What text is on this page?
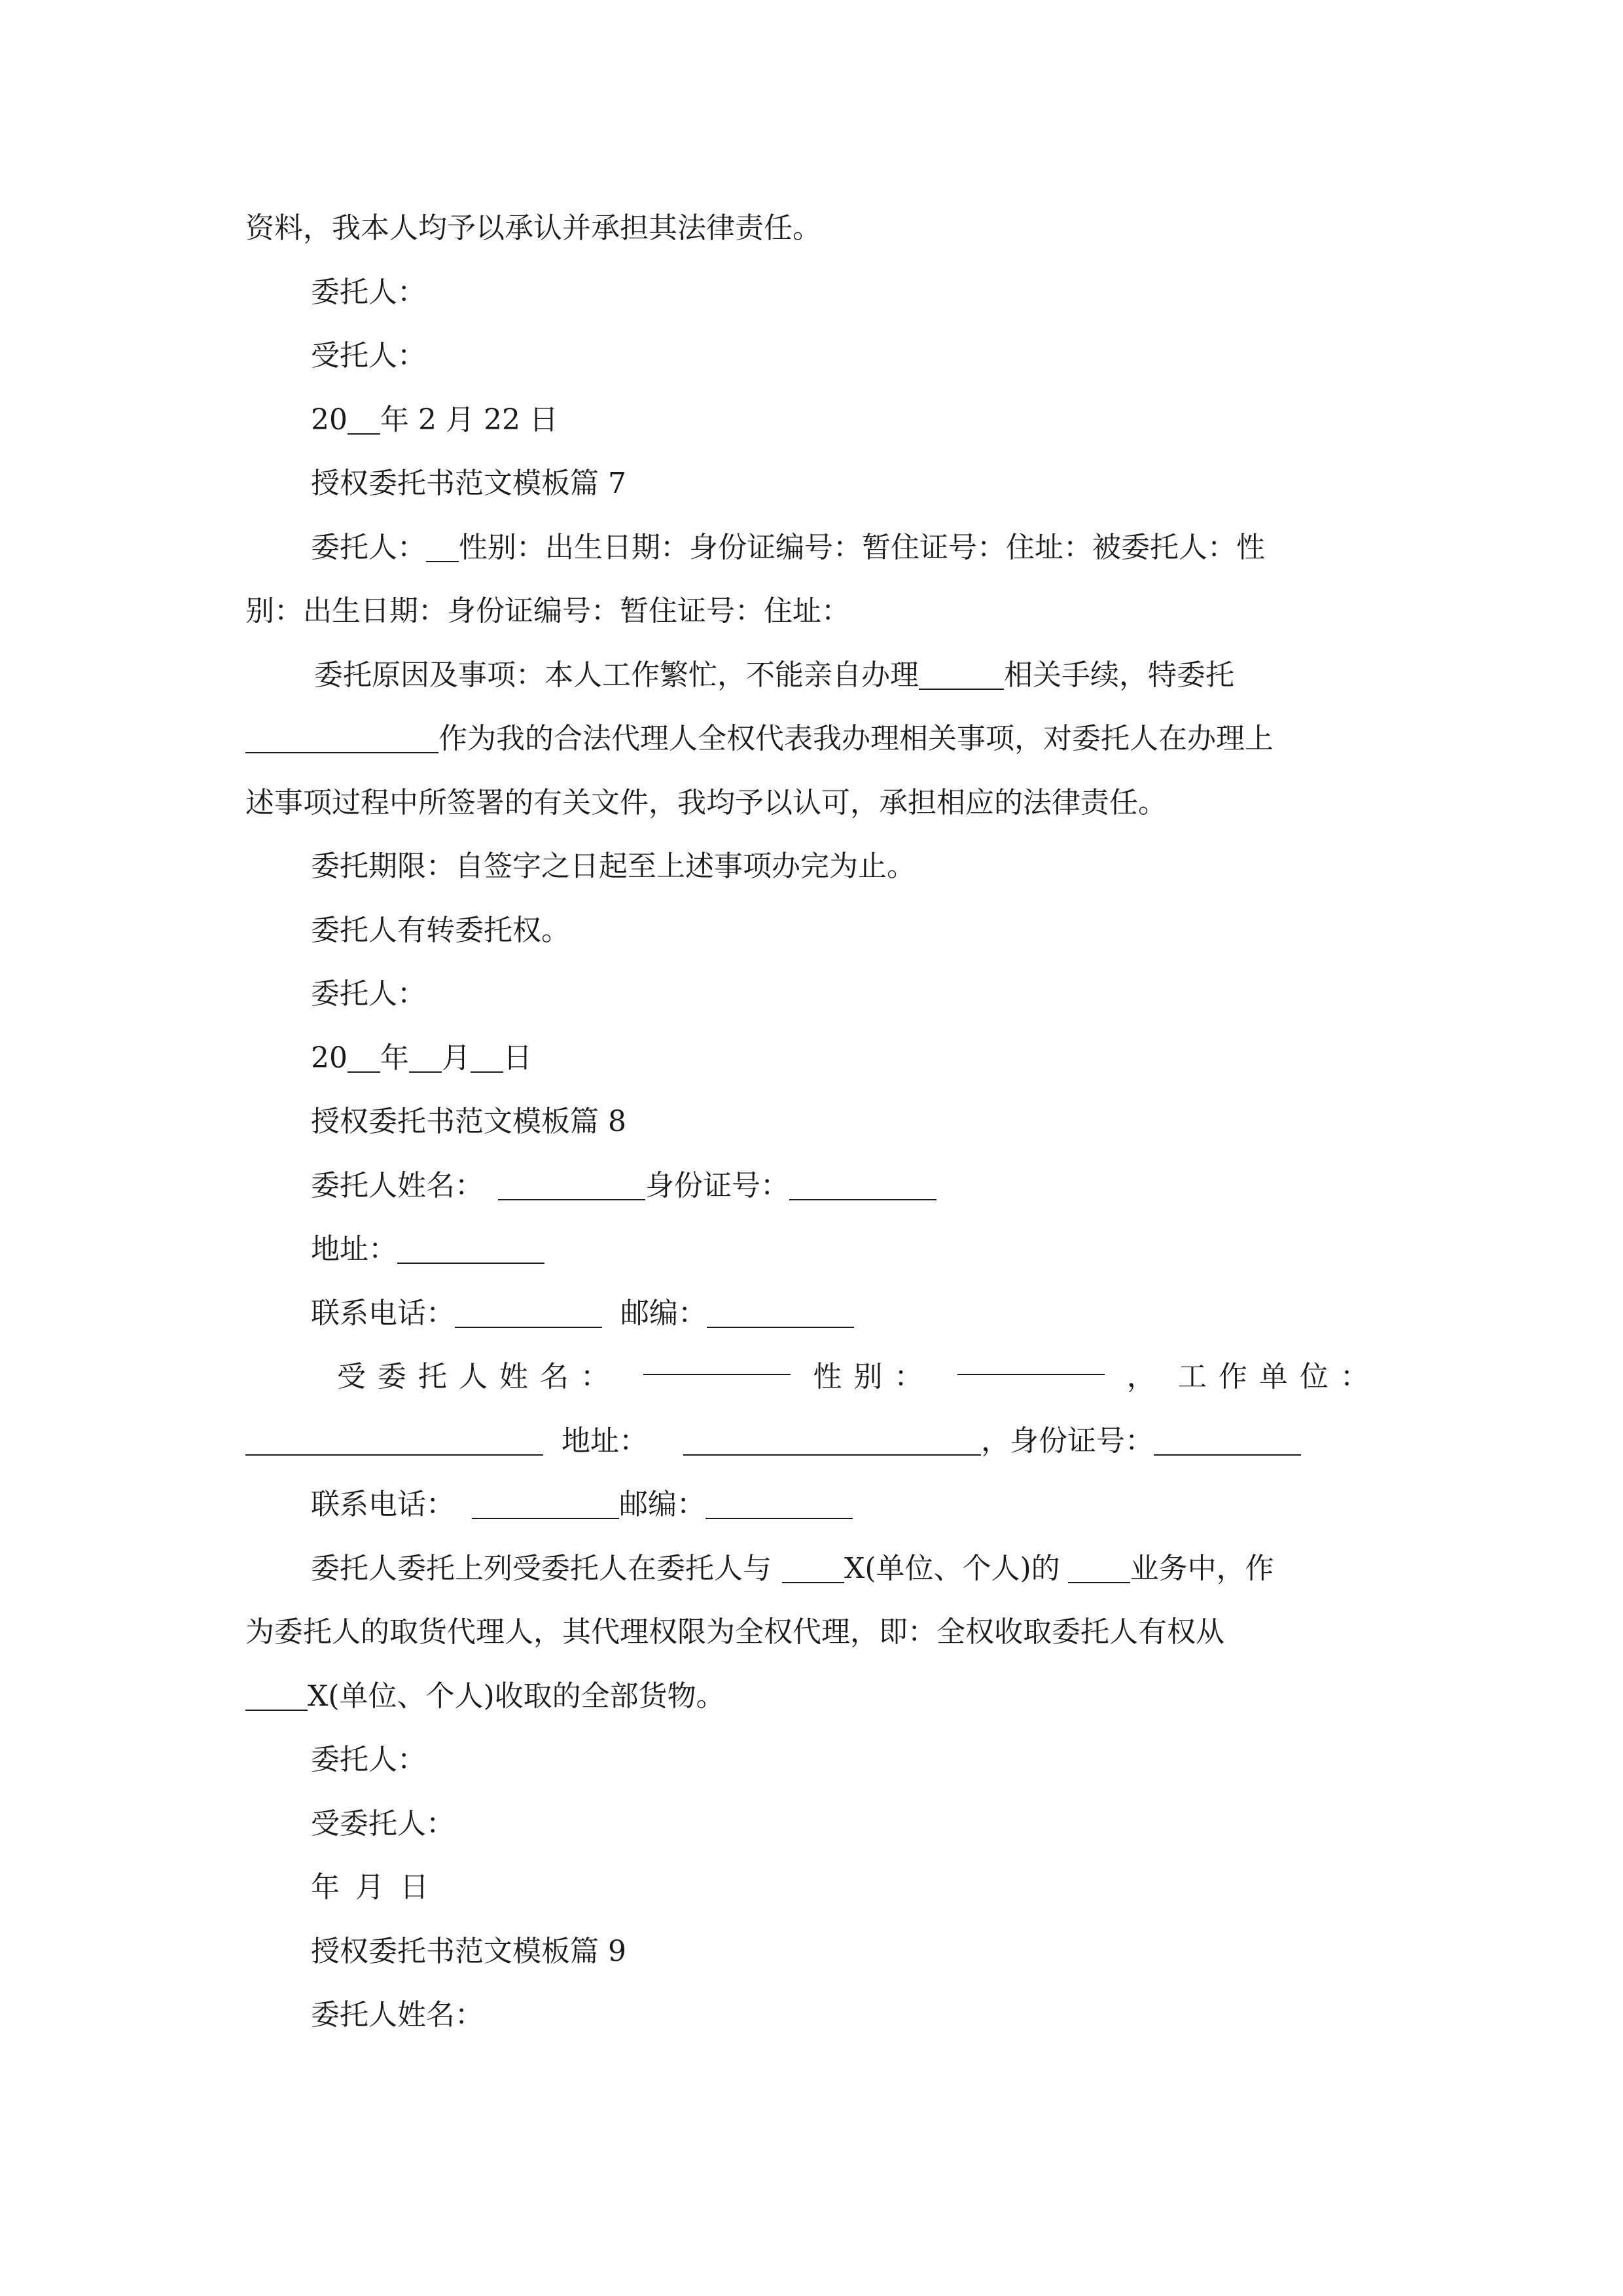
资料，我本人均予以承认并承担其法律责任。
委托人：
受托人：
20 年 2 月 22 日
授权委托书范文模板篇 7
委托人： 性别：出生日期：身份证编号：暂住证号：住址：被委托人：性
别：出生日期：身份证编号：暂住证号：住址：
委托原因及事项：本人工作繁忙，不能亲自办理	相关手续，特委托
作为我的合法代理人全权代表我办理相关事项，对委托人在办理上
述事项过程中所签署的有关文件，我均予以认可，承担相应的法律责任。
委托期限：自签字之日起至上述事项办完为止。
委托人有转委托权。
委托人：
20 年 月 日
授权委托书范文模板篇 8
委托人姓名：	身份证号：
地址：
联系电话：	邮编：
受委托人姓名：	性别：	， 工作单位：
地址：	，身份证号：
联系电话：	邮编：
委托人委托上列受委托人在委托人与	X(单位、个人)的 业务中，作
为委托人的取货代理人，其代理权限为全权代理，即：全权收取委托人有权从
X(单位、个人)收取的全部货物。
委托人：
受委托人：
年 月 日
授权委托书范文模板篇 9
委托人姓名：
